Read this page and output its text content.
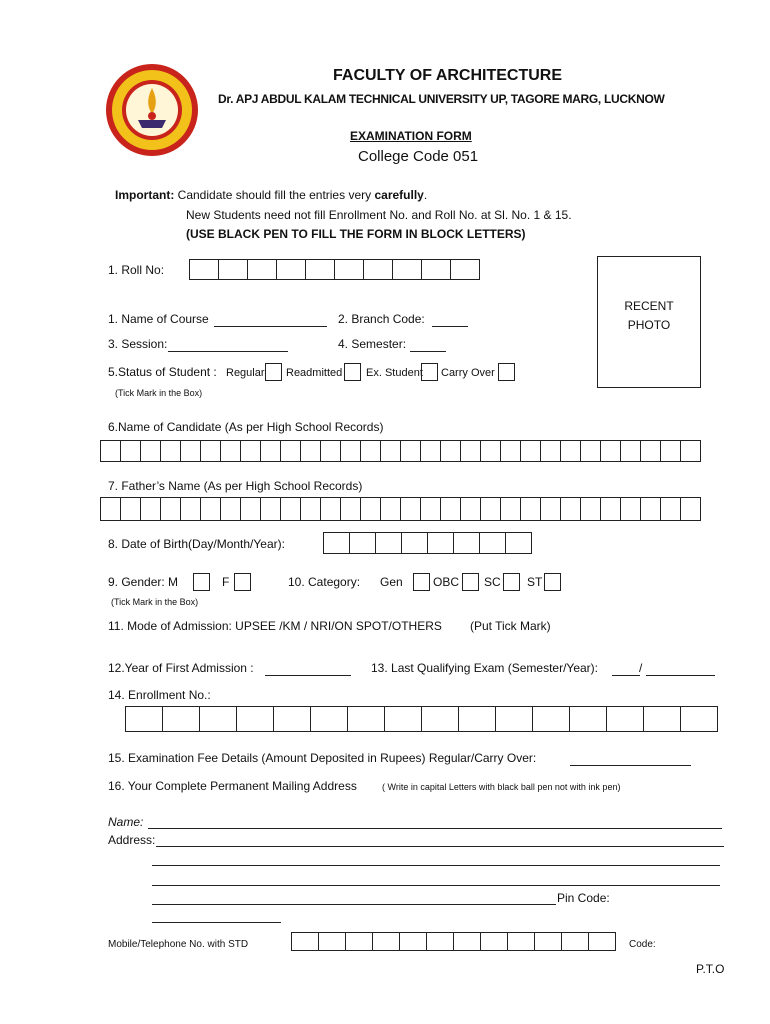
FACULTY OF ARCHITECTURE
Dr. APJ ABDUL KALAM TECHNICAL UNIVERSITY UP, TAGORE MARG, LUCKNOW
EXAMINATION FORM
College Code 051
Important: Candidate should fill the entries very carefully.
New Students need not fill Enrollment No. and Roll No. at Sl. No. 1 & 15.
(USE BLACK PEN TO FILL THE FORM IN BLOCK LETTERS)
RECENT
PHOTO
1. Roll No:
1. Name of Course	2. Branch Code:
3. Session:	4. Semester:
5.Status of Student : Regular Readmitted Ex. Student Carry Over
(Tick Mark in the Box)
6.Name of Candidate (As per High School Records)
7. Father’s Name (As per High School Records)
8. Date of Birth(Day/Month/Year):
9. Gender: M	F	10. Category: Gen	OBC SC ST
(Tick Mark in the Box)
11. Mode of Admission: UPSEE /KM / NRI/ON SPOT/OTHERS (Put Tick Mark)
12.Year of First Admission :	13. Last Qualifying Exam (Semester/Year):	/
14. Enrollment No.:
15. Examination Fee Details (Amount Deposited in Rupees) Regular/Carry Over:
16. Your Complete Permanent Mailing Address	( Write in capital Letters with black ball pen not with ink pen)
Name:
Address:
Pin Code:
Mobile/Telephone No. with STD	Code:
P.T.O
